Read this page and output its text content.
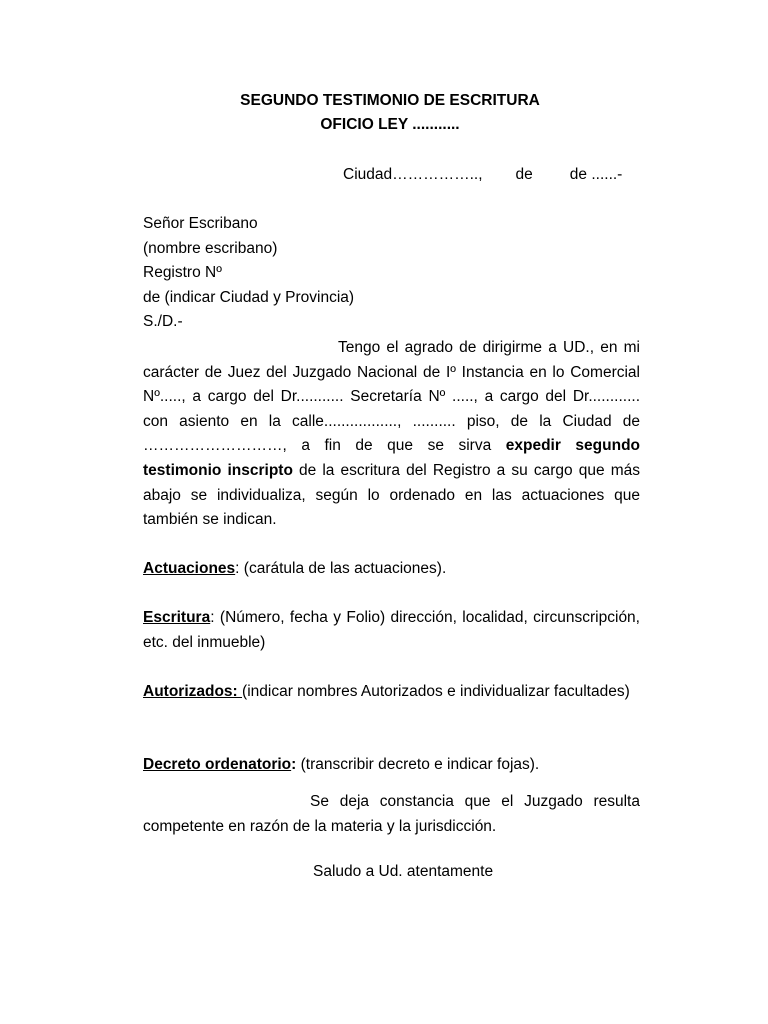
SEGUNDO TESTIMONIO DE ESCRITURA
OFICIO LEY ...........
Ciudad…………….., de de ......-
Señor Escribano
(nombre escribano)
Registro Nº
de (indicar Ciudad y Provincia)
S./D.-
Tengo el agrado de dirigirme a UD., en mi carácter de Juez del Juzgado Nacional de Iº Instancia en lo Comercial Nº....., a cargo del Dr........... Secretaría Nº ....., a cargo del Dr............ con asiento en la calle................., .......... piso, de la Ciudad de ………………………, a fin de que se sirva expedir segundo testimonio inscripto de la escritura del Registro a su cargo que más abajo se individualiza, según lo ordenado en las actuaciones que también se indican.
Actuaciones: (carátula de las actuaciones).
Escritura: (Número, fecha y Folio) dirección, localidad, circunscripción, etc. del inmueble)
Autorizados: (indicar nombres Autorizados e individualizar facultades)
Decreto ordenatorio: (transcribir decreto e indicar fojas).
Se deja constancia que el Juzgado resulta competente en razón de la materia y la jurisdicción.
Saludo a Ud. atentamente
